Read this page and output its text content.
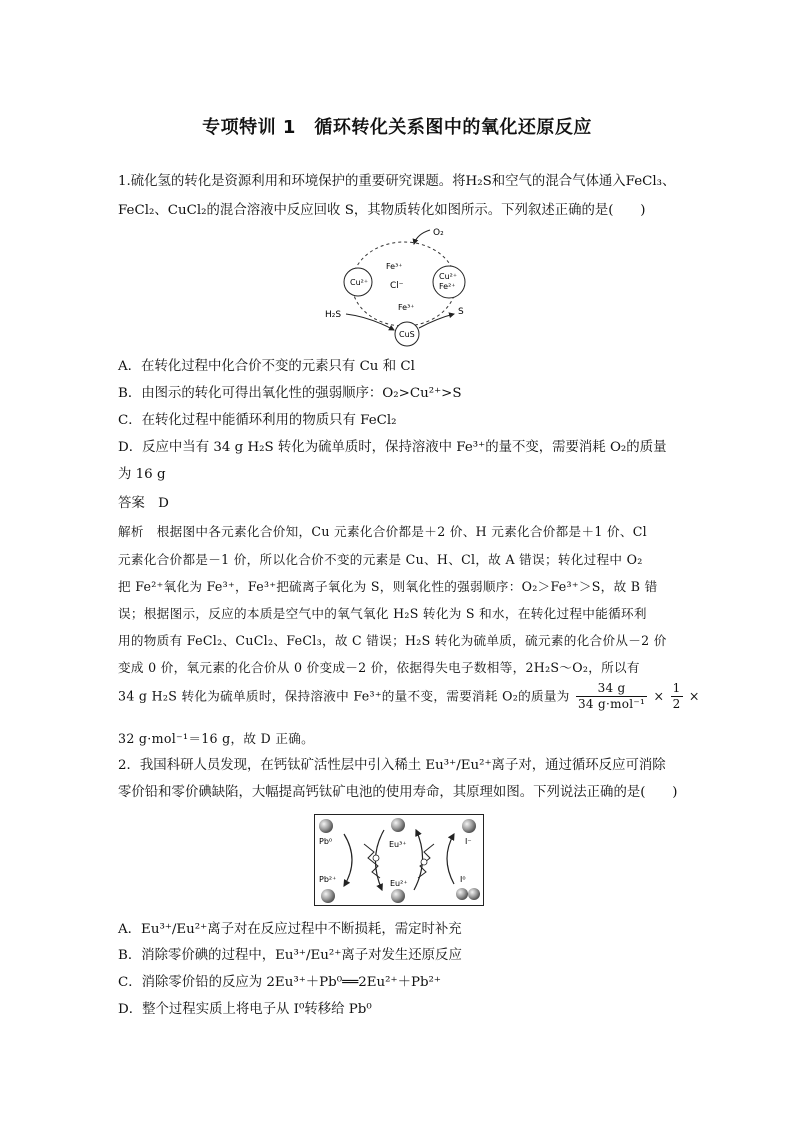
专项特训 1　循环转化关系图中的氧化还原反应
1.硫化氢的转化是资源利用和环境保护的重要研究课题。将H₂S和空气的混合气体通入FeCl₃、
FeCl₂、CuCl₂的混合溶液中反应回收 S，其物质转化如图所示。下列叙述正确的是(　　)
O₂
Cu²⁺
Fe³⁺
Cl⁻
Fe³⁺
Cu²⁺
Fe²⁺
H₂S
CuS
S
A．在转化过程中化合价不变的元素只有 Cu 和 Cl
B．由图示的转化可得出氧化性的强弱顺序：O₂>Cu²⁺>S
C．在转化过程中能循环利用的物质只有 FeCl₂
D．反应中当有 34 g H₂S 转化为硫单质时，保持溶液中 Fe³⁺的量不变，需要消耗 O₂的质量
为 16 g
答案　D
解析　根据图中各元素化合价知，Cu 元素化合价都是＋2 价、H 元素化合价都是＋1 价、Cl
元素化合价都是－1 价，所以化合价不变的元素是 Cu、H、Cl，故 A 错误；转化过程中 O₂
把 Fe²⁺氧化为 Fe³⁺，Fe³⁺把硫离子氧化为 S，则氧化性的强弱顺序：O₂＞Fe³⁺＞S，故 B 错
误；根据图示，反应的本质是空气中的氧气氧化 H₂S 转化为 S 和水，在转化过程中能循环利
用的物质有 FeCl₂、CuCl₂、FeCl₃，故 C 错误；H₂S 转化为硫单质，硫元素的化合价从－2 价
变成 0 价，氧元素的化合价从 0 价变成－2 价，依据得失电子数相等，2H₂S～O₂，所以有
34 g H₂S 转化为硫单质时，保持溶液中 Fe³⁺的量不变，需要消耗 O₂的质量为 $\frac{34 g}{\text{34 g·mol⁻¹}} \times \frac{1}{2}$ ×
32 g·mol⁻¹＝16 g，故 D 正确。
2．我国科研人员发现，在钙钛矿活性层中引入稀土 Eu³⁺/Eu²⁺离子对，通过循环反应可消除
零价铅和零价碘缺陷，大幅提高钙钛矿电池的使用寿命，其原理如图。下列说法正确的是(　　)
Pb⁰	Eu³⁺	I⁻
Pb²⁺	Eu²⁺	I⁰
A．Eu³⁺/Eu²⁺离子对在反应过程中不断损耗，需定时补充
B．消除零价碘的过程中，Eu³⁺/Eu²⁺离子对发生还原反应
C．消除零价铅的反应为 2Eu³⁺＋Pb⁰══2Eu²⁺＋Pb²⁺
D．整个过程实质上将电子从 I⁰转移给 Pb⁰
